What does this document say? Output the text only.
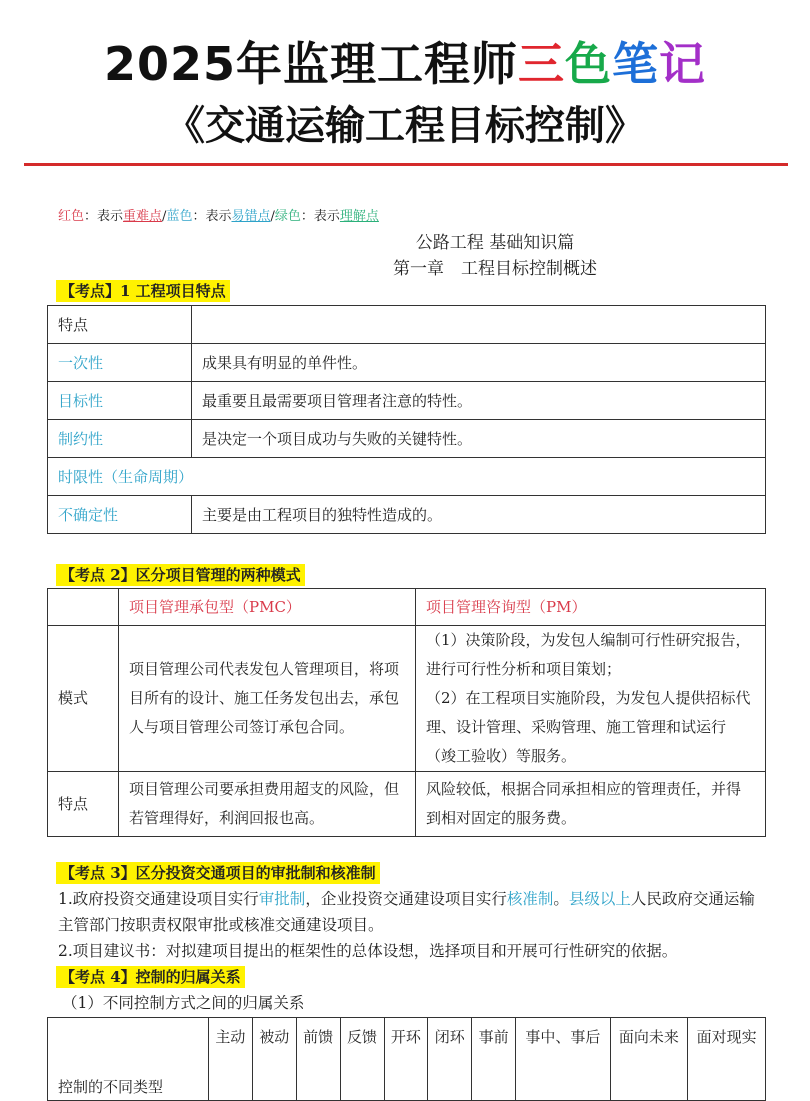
2025年监理工程师三色笔记
《交通运输工程目标控制》
红色：表示重难点/蓝色：表示易错点/绿色：表示理解点
公路工程 基础知识篇
第一章　工程目标控制概述
【考点】1 工程项目特点
特点	
一次性	成果具有明显的单件性。
目标性	最重要且最需要项目管理者注意的特性。
制约性	是决定一个项目成功与失败的关键特性。
时限性（生命周期）	
不确定性	主要是由工程项目的独特性造成的。
【考点 2】区分项目管理的两种模式
	项目管理承包型（PMC）	项目管理咨询型（PM）
模式	项目管理公司代表发包人管理项目，将项目所有的设计、施工任务发包出去，承包人与项目管理公司签订承包合同。	（1）决策阶段，为发包人编制可行性研究报告，进行可行性分析和项目策划；

（2）在工程项目实施阶段，为发包人提供招标代理、设计管理、采购管理、施工管理和试运行（竣工验收）等服务。

特点	项目管理公司要承担费用超支的风险，但若管理得好，利润回报也高。	风险较低，根据合同承担相应的管理责任，并得到相对固定的服务费。
【考点 3】区分投资交通项目的审批制和核准制
1.政府投资交通建设项目实行审批制，企业投资交通建设项目实行核准制。县级以上人民政府交通运输主管部门按职责权限审批或核准交通建设项目。
2.项目建议书：对拟建项目提出的框架性的总体设想，选择项目和开展可行性研究的依据。
【考点 4】控制的归属关系
（1）不同控制方式之间的归属关系
控制的不同类型	主动	被动	前馈	反馈	开环	闭环	事前	事中、事后	面向未来	面对现实
